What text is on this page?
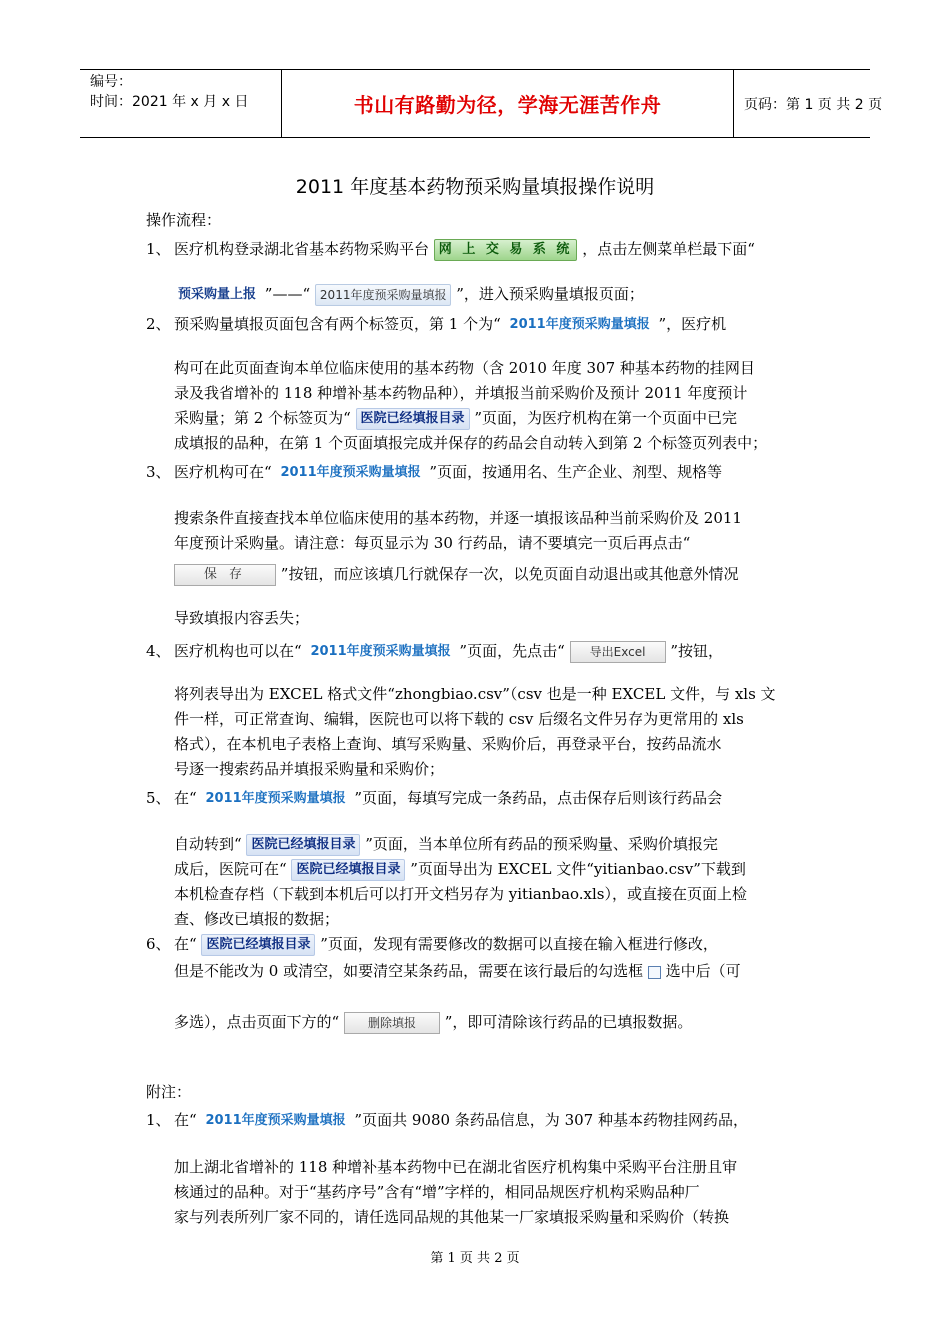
编号：
时间：2021 年 x 月 x 日	书山有路勤为径，学海无涯苦作舟	页码：第 1 页 共 2 页
2011 年度基本药物预采购量填报操作说明
操作流程：
1、 医疗机构登录湖北省基本药物采购平台 网 上 交 易 系 统 ，点击左侧菜单栏最下面“
预采购量上报 ”——“ 2011年度预采购量填报 ”，进入预采购量填报页面；
2、 预采购量填报页面包含有两个标签页，第 1 个为“ 2011年度预采购量填报 ”，医疗机
构可在此页面查询本单位临床使用的基本药物（含 2010 年度 307 种基本药物的挂网目
录及我省增补的 118 种增补基本药物品种），并填报当前采购价及预计 2011 年度预计
采购量；第 2 个标签页为“ 医院已经填报目录 ”页面，为医疗机构在第一个页面中已完
成填报的品种，在第 1 个页面填报完成并保存的药品会自动转入到第 2 个标签页列表中；
3、 医疗机构可在“ 2011年度预采购量填报 ”页面，按通用名、生产企业、剂型、规格等
搜索条件直接查找本单位临床使用的基本药物，并逐一填报该品种当前采购价及 2011
年度预计采购量。请注意：每页显示为 30 行药品，请不要填完一页后再点击“
保 存 ”按钮，而应该填几行就保存一次，以免页面自动退出或其他意外情况
导致填报内容丢失；
4、 医疗机构也可以在“ 2011年度预采购量填报 ”页面，先点击“ 导出Excel ”按钮，
将列表导出为 EXCEL 格式文件“zhongbiao.csv”（csv 也是一种 EXCEL 文件，与 xls 文
件一样，可正常查询、编辑，医院也可以将下载的 csv 后缀名文件另存为更常用的 xls
格式），在本机电子表格上查询、填写采购量、采购价后，再登录平台，按药品流水
号逐一搜索药品并填报采购量和采购价；
5、 在“ 2011年度预采购量填报 ”页面，每填写完成一条药品，点击保存后则该行药品会
自动转到“ 医院已经填报目录 ”页面，当本单位所有药品的预采购量、采购价填报完
成后，医院可在“ 医院已经填报目录 ”页面导出为 EXCEL 文件“yitianbao.csv”下载到
本机检查存档（下载到本机后可以打开文档另存为 yitianbao.xls），或直接在页面上检
查、修改已填报的数据；
6、 在“ 医院已经填报目录 ”页面，发现有需要修改的数据可以直接在输入框进行修改，
但是不能改为 0 或清空，如要清空某条药品，需要在该行最后的勾选框 选中后（可
多选），点击页面下方的“ 删除填报 ”，即可清除该行药品的已填报数据。
附注：
1、 在“ 2011年度预采购量填报 ”页面共 9080 条药品信息，为 307 种基本药物挂网药品，
加上湖北省增补的 118 种增补基本药物中已在湖北省医疗机构集中采购平台注册且审
核通过的品种。对于“基药序号”含有“增”字样的，相同品规医疗机构采购品种厂
家与列表所列厂家不同的，请任选同品规的其他某一厂家填报采购量和采购价（转换
第 1 页 共 2 页
